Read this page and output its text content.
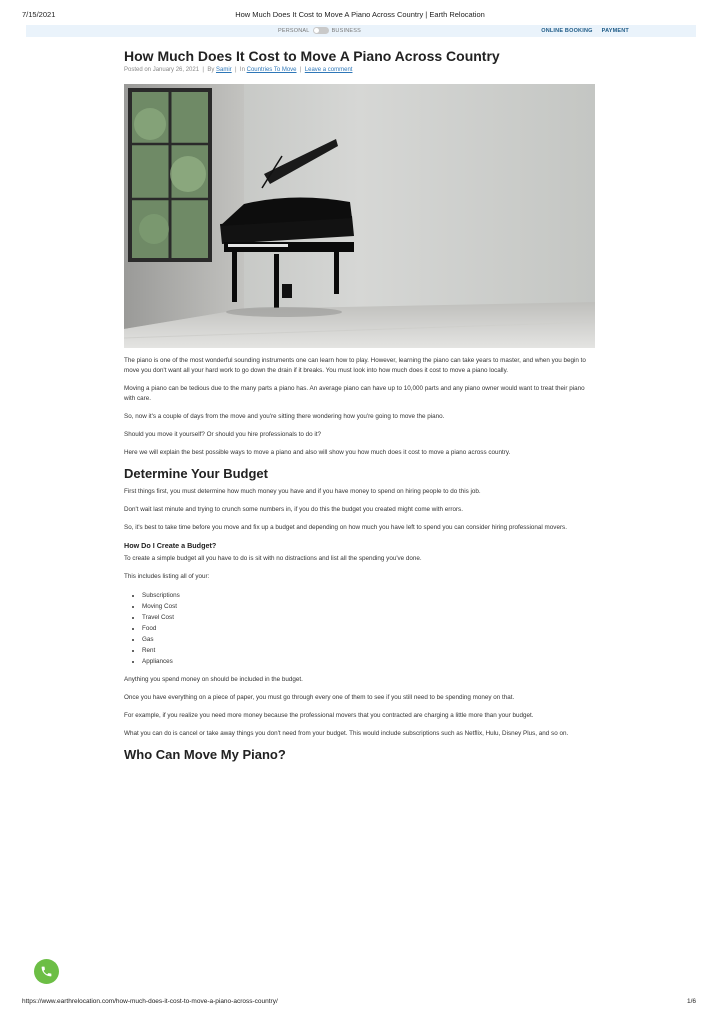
7/15/2021	How Much Does It Cost to Move A Piano Across Country | Earth Relocation
PERSONAL	BUSINESS	ONLINE BOOKING PAYMENT
How Much Does It Cost to Move A Piano Across Country
Posted on January 26, 2021 | By Samir | In Countries To Move | Leave a comment

The piano is one of the most wonderful sounding instruments one can learn how to play. However, learning the piano can take years to master, and when you begin to move you don't want all your hard work to go down the drain if it breaks. You must look into how much does it cost to move a piano locally.

Moving a piano can be tedious due to the many parts a piano has. An average piano can have up to 10,000 parts and any piano owner would want to treat their piano with care.

So, now it's a couple of days from the move and you're sitting there wondering how you're going to move the piano.

Should you move it yourself? Or should you hire professionals to do it?

Here we will explain the best possible ways to move a piano and also will show you how much does it cost to move a piano across country.

Determine Your Budget

First things first, you must determine how much money you have and if you have money to spend on hiring people to do this job.

Don't wait last minute and trying to crunch some numbers in, if you do this the budget you created might come with errors.

So, it's best to take time before you move and fix up a budget and depending on how much you have left to spend you can consider hiring professional movers.

How Do I Create a Budget?

To create a simple budget all you have to do is sit with no distractions and list all the spending you've done.

This includes listing all of your:

• Subscriptions
• Moving Cost
• Travel Cost
• Food
• Gas
• Rent
• Appliances

Anything you spend money on should be included in the budget.

Once you have everything on a piece of paper, you must go through every one of them to see if you still need to be spending money on that.

For example, if you realize you need more money because the professional movers that you contracted are charging a little more than your budget.

What you can do is cancel or take away things you don't need from your budget. This would include subscriptions such as Netflix, Hulu, Disney Plus, and so on.

Who Can Move My Piano?
https://www.earthrelocation.com/how-much-does-it-cost-to-move-a-piano-across-country/	1/6
